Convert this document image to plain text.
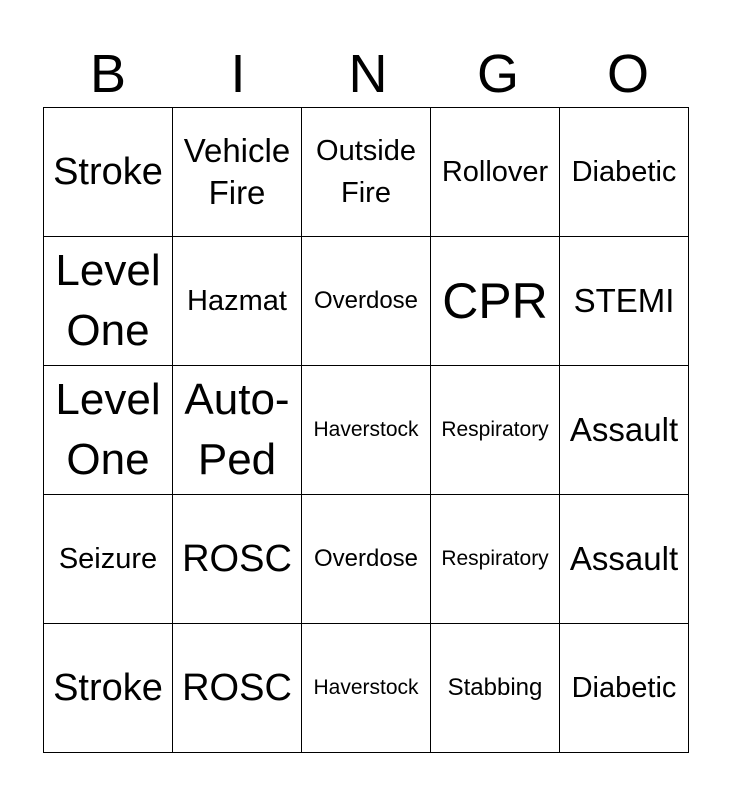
B	I	N	G	O
Stroke	Vehicle Fire	Outside Fire	Rollover	Diabetic
Level One	Hazmat	Overdose	CPR	STEMI
Level One	Auto-Ped	Haverstock	Respiratory	Assault
Seizure	ROSC	Overdose	Respiratory	Assault
Stroke	ROSC	Haverstock	Stabbing	Diabetic
